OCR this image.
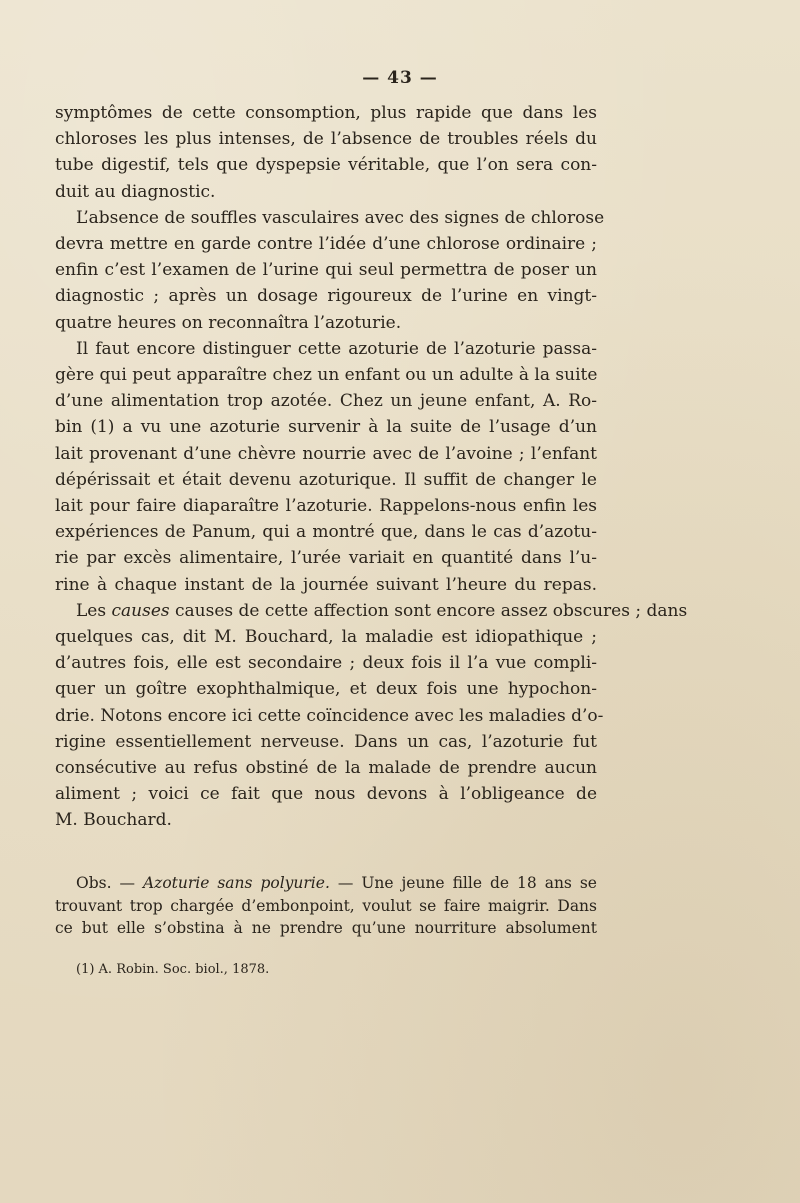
— 43 —
symptômes de cette consomption, plus rapide que dans les
chloroses les plus intenses, de l’absence de troubles réels du
tube digestif, tels que dyspepsie véritable, que l’on sera con-
duit au diagnostic.
L’absence de souffles vasculaires avec des signes de chlorose
devra mettre en garde contre l’idée d’une chlorose ordinaire ;
enfin c’est l’examen de l’urine qui seul permettra de poser un
diagnostic ; après un dosage rigoureux de l’urine en vingt-
quatre heures on reconnaîtra l’azoturie.
Il faut encore distinguer cette azoturie de l’azoturie passa-
gère qui peut apparaître chez un enfant ou un adulte à la suite
d’une alimentation trop azotée. Chez un jeune enfant, A. Ro-
bin (1) a vu une azoturie survenir à la suite de l’usage d’un
lait provenant d’une chèvre nourrie avec de l’avoine ; l’enfant
dépérissait et était devenu azoturique. Il suffit de changer le
lait pour faire diaparaître l’azoturie. Rappelons-nous enfin les
expériences de Panum, qui a montré que, dans le cas d’azotu-
rie par excès alimentaire, l’urée variait en quantité dans l’u-
rine à chaque instant de la journée suivant l’heure du repas.
Les causes causes de cette affection sont encore assez obscures ; dans
quelques cas, dit M. Bouchard, la maladie est idiopathique ;
d’autres fois, elle est secondaire ; deux fois il l’a vue compli-
quer un goître exophthalmique, et deux fois une hypochon-
drie. Notons encore ici cette coïncidence avec les maladies d’o-
rigine essentiellement nerveuse. Dans un cas, l’azoturie fut
consécutive au refus obstiné de la malade de prendre aucun
aliment ; voici ce fait que nous devons à l’obligeance de
M. Bouchard.
Obs. — Azoturie sans polyurie. — Une jeune fille de 18 ans se
trouvant trop chargée d’embonpoint, voulut se faire maigrir. Dans
ce but elle s’obstina à ne prendre qu’une nourriture absolument
(1) A. Robin. Soc. biol., 1878.
